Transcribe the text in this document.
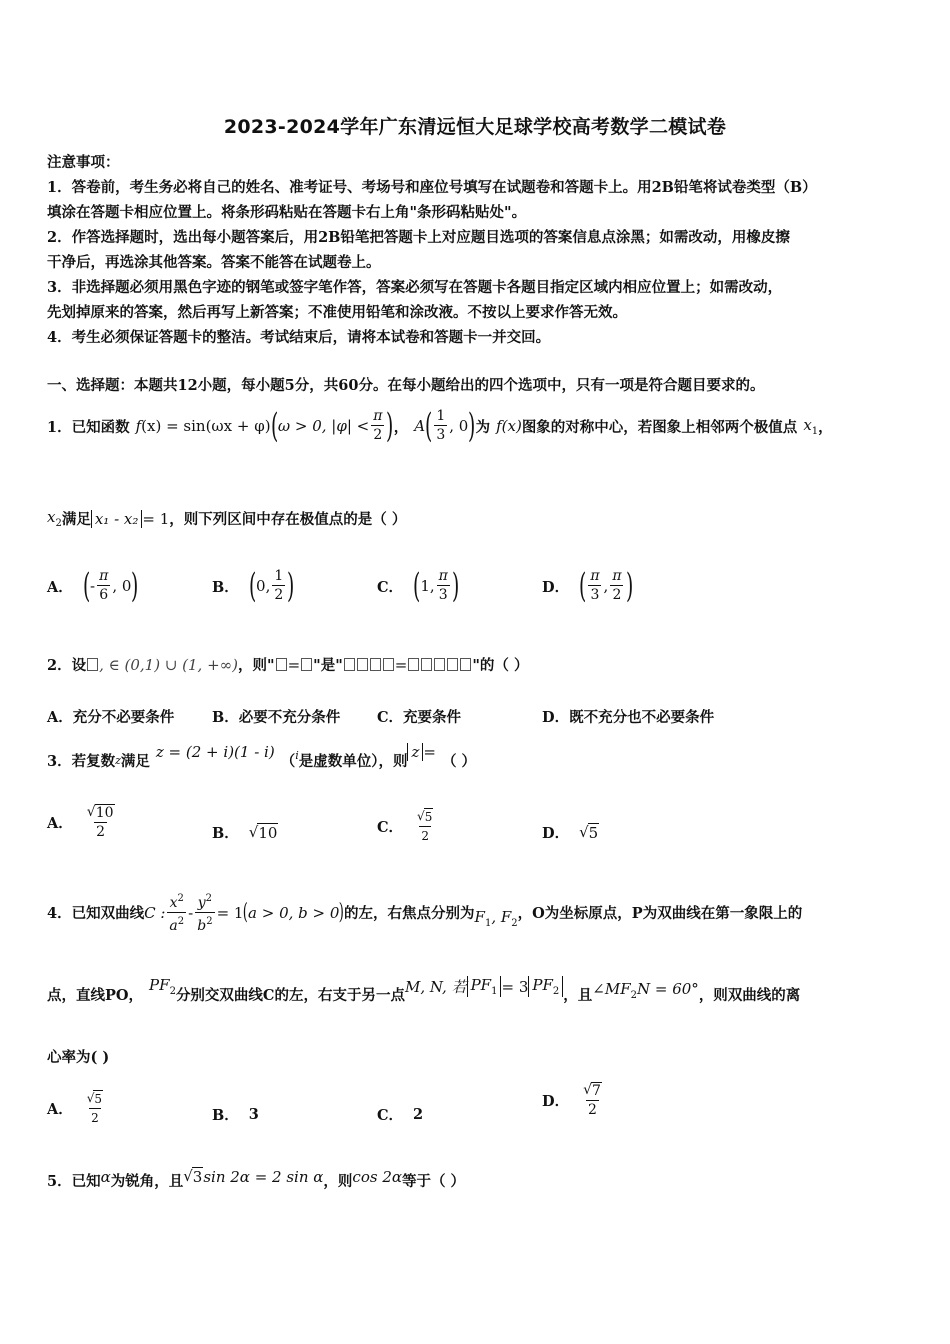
2023-2024学年广东清远恒大足球学校高考数学二模试卷

注意事项：

1．答卷前，考生务必将自己的姓名、准考证号、考场号和座位号填写在试题卷和答题卡上。用2B铅笔将试卷类型（B）

填涂在答题卡相应位置上。将条形码粘贴在答题卡右上角"条形码粘贴处"。

2．作答选择题时，选出每小题答案后，用2B铅笔把答题卡上对应题目选项的答案信息点涂黑；如需改动，用橡皮擦

干净后，再选涂其他答案。答案不能答在试题卷上。

3．非选择题必须用黑色字迹的钢笔或签字笔作答，答案必须写在答题卡各题目指定区域内相应位置上；如需改动，

先划掉原来的答案，然后再写上新答案；不准使用铅笔和涂改液。不按以上要求作答无效。

4．考生必须保证答题卡的整洁。考试结束后，请将本试卷和答题卡一并交回。

一、选择题：本题共12小题，每小题5分，共60分。在每小题给出的四个选项中，只有一项是符合题目要求的。
1．已知函数 f (x) = sin(ωx + φ) ( ω > 0, $|\varphi| < \frac{\pi}{2}$ ) ， A ( $\frac{1}{3}$ , 0 ) 为 f(x) 图象的对称中心，若图象上相邻两个极值点 $x_1$ ，
$x_2$ 满足 x₁ - x₂ = 1 ，则下列区间中存在极值点的是（ ）
A． ( - $\frac{\pi}{6}$ , 0 )	B． ( 0, $\frac{1}{2}$ )	C． ( 1, $\frac{\pi}{3}$ )	D． ( $\frac{\pi}{3}$ , $\frac{\pi}{2}$ )
2．设 , ∈ (0,1) ∪ (1, +∞) ，则" = "是"	=	"的（ ）
A． 充分不必要条件	B． 必要不充分条件	C． 充要条件	D． 既不充分也不必要条件
3．若复数 z 满足
z = (2 + i)(1 - i)
（ i 是虚数单位），则
z =
（ ）
A． $\frac{√ 10}{2}$	B． √ 10	C． $\frac{√ 5}{2}$	D． √ 5
4．已知双曲线 C : $\frac{x^2}{a^2} - \frac{y^2}{b^2} = 1$ ( a > 0, b > 0 ) 的左，右焦点分别为 $F_1$, $F_2$
，O为坐标原点，P为双曲线在第一象限上的
点，直线PO，
$PF_2$ 分别交双曲线C的左，右支于另一点 M, N, 若 $PF_1 = 3$ $PF_2$ ，且 $\angle MF_2N = 60^\circ$ ，则双曲线的离
心率为( )
A． $\frac{√ 5}{2}$	B． 3	C． 2
D． $\frac{√ 7}{2}$
5．已知 α 为锐角，且 √ 3 sin 2α = 2 sin α ，则 cos 2α 等于（ ）
